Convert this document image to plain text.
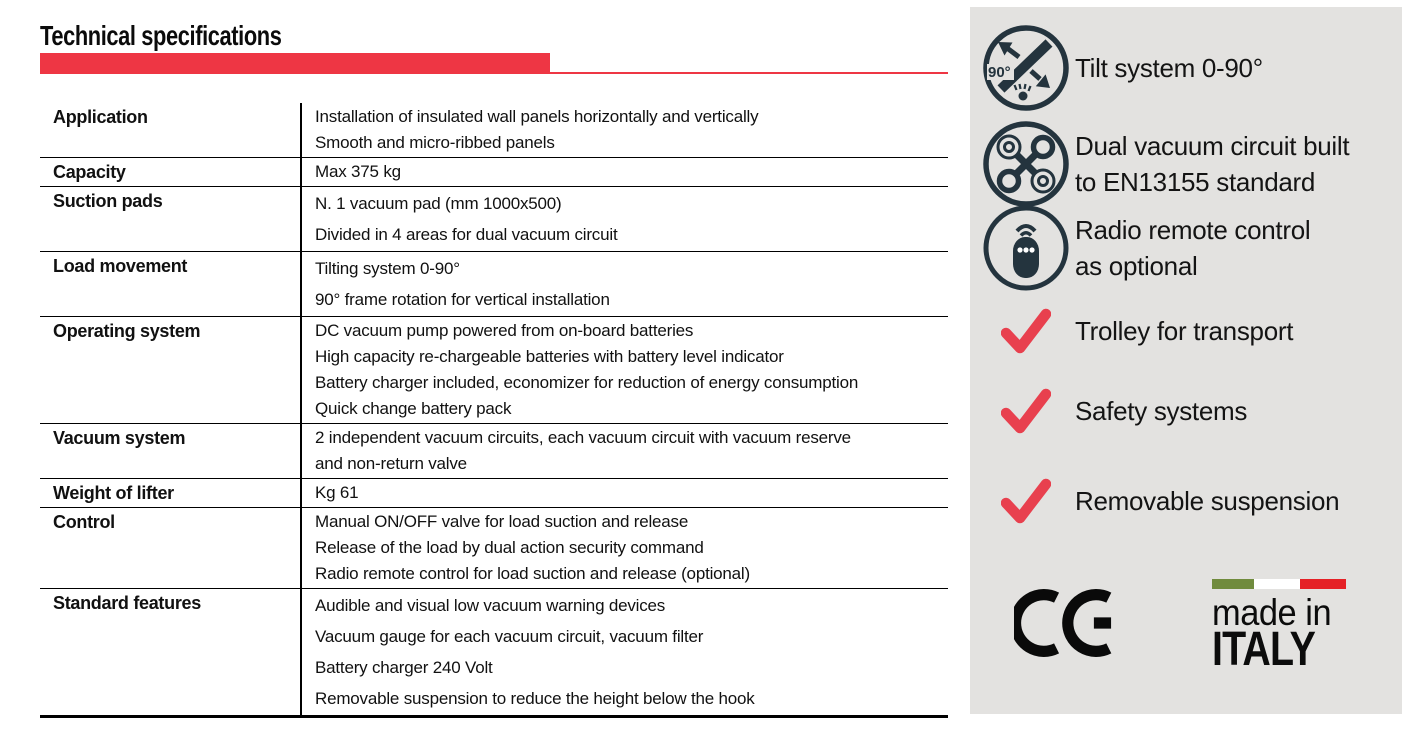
Technical specifications
Application	Installation of insulated wall panels horizontally and vertically
Smooth and micro-ribbed panels
Capacity	Max 375 kg
Suction pads	N. 1 vacuum pad (mm 1000x500)
Divided in 4 areas for dual vacuum circuit
Load movement	Tilting system 0-90°
90° frame rotation for vertical installation
Operating system	DC vacuum pump powered from on-board batteries
High capacity re-chargeable batteries with battery level indicator
Battery charger included, economizer for reduction of energy consumption
Quick change battery pack
Vacuum system	2 independent vacuum circuits, each vacuum circuit with vacuum reserve
and non-return valve
Weight of lifter	Kg 61
Control	Manual ON/OFF valve for load suction and release
Release of the load by dual action security command
Radio remote control for load suction and release (optional)
Standard features	Audible and visual low vacuum warning devices
Vacuum gauge for each vacuum circuit, vacuum filter
Battery charger 240 Volt
Removable suspension to reduce the height below the hook
90° Tilt system 0-90°
Dual vacuum circuit built
to EN13155 standard
Radio remote control
as optional
Trolley for transport
Safety systems
Removable suspension
made in
ITALY
